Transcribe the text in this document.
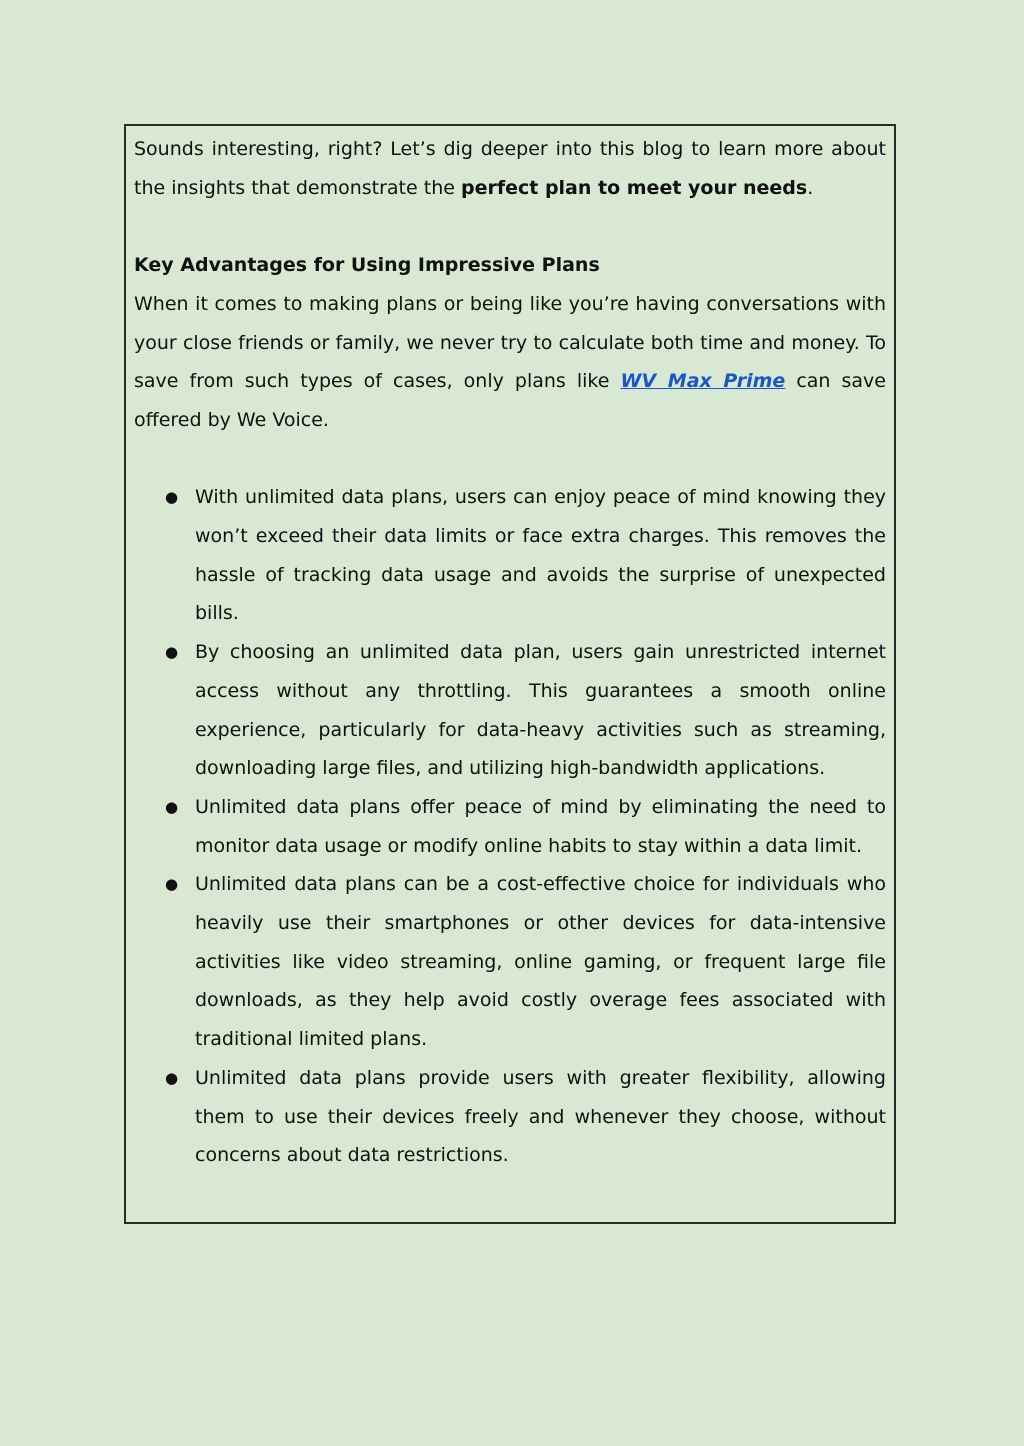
Sounds interesting, right? Let’s dig deeper into this blog to learn more about the insights that demonstrate the perfect plan to meet your needs.

Key Advantages for Using Impressive Plans

When it comes to making plans or being like you’re having conversations with your close friends or family, we never try to calculate both time and money. To save from such types of cases, only plans like WV Max Prime can save offered by We Voice.

● With unlimited data plans, users can enjoy peace of mind knowing they won’t exceed their data limits or face extra charges. This removes the hassle of tracking data usage and avoids the surprise of unexpected bills.
● By choosing an unlimited data plan, users gain unrestricted internet access without any throttling. This guarantees a smooth online experience, particularly for data-heavy activities such as streaming, downloading large files, and utilizing high-bandwidth applications.
● Unlimited data plans offer peace of mind by eliminating the need to monitor data usage or modify online habits to stay within a data limit.
● Unlimited data plans can be a cost-effective choice for individuals who heavily use their smartphones or other devices for data-intensive activities like video streaming, online gaming, or frequent large file downloads, as they help avoid costly overage fees associated with traditional limited plans.
● Unlimited data plans provide users with greater flexibility, allowing them to use their devices freely and whenever they choose, without concerns about data restrictions.
